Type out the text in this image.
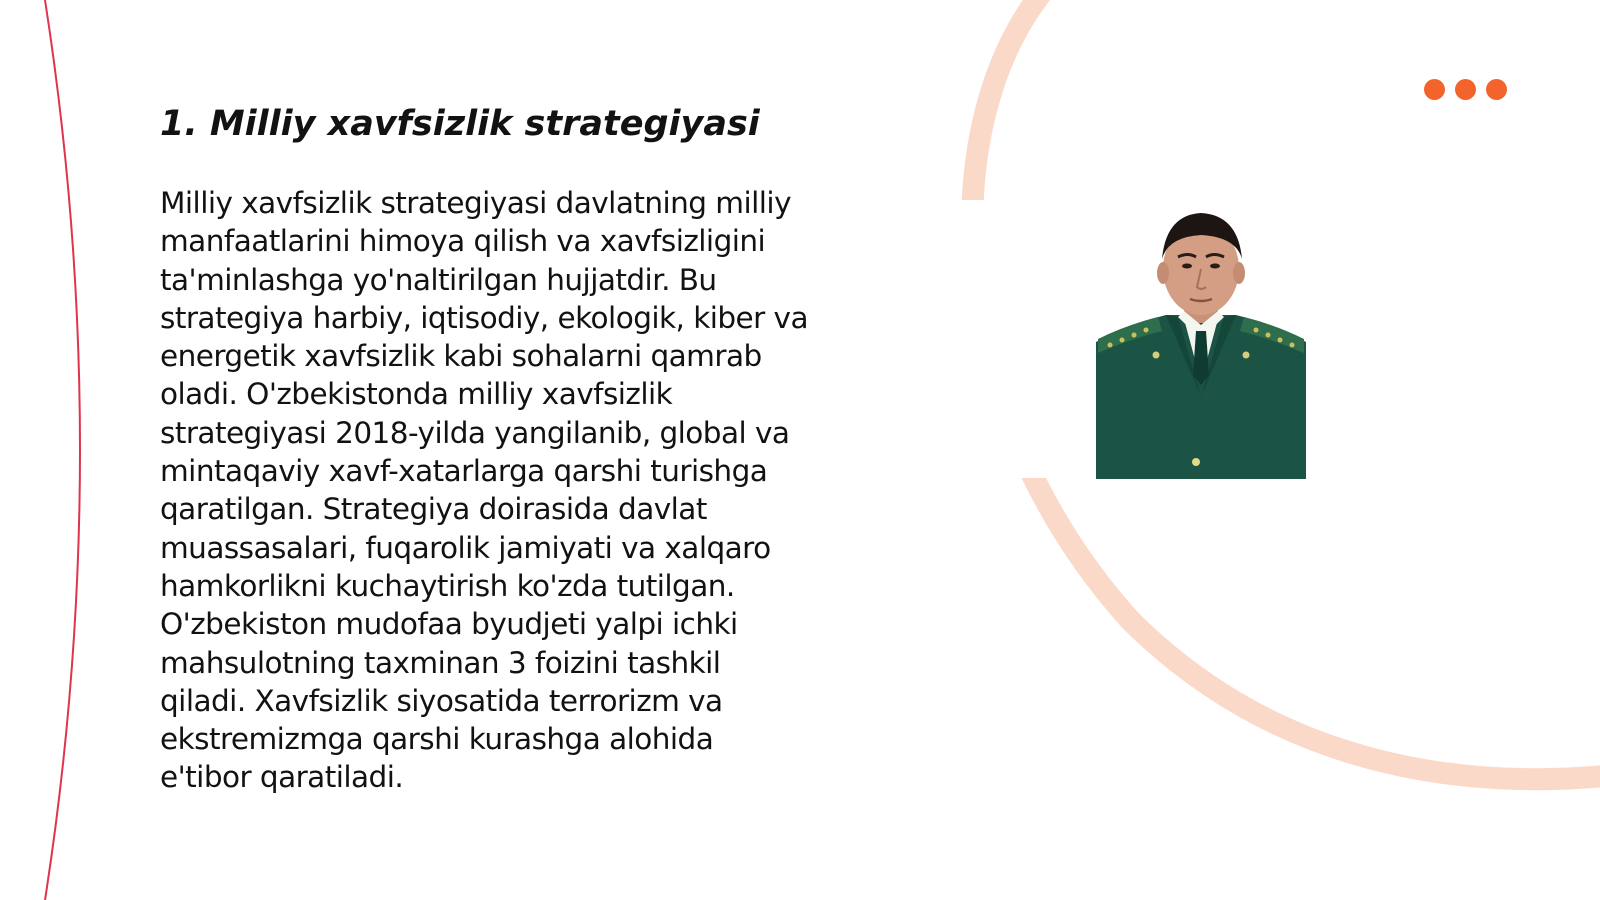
1. Milliy xavfsizlik strategiyasi

Milliy xavfsizlik strategiyasi davlatning milliy
manfaatlarini himoya qilish va xavfsizligini
ta'minlashga yo'naltirilgan hujjatdir. Bu
strategiya harbiy, iqtisodiy, ekologik, kiber va
energetik xavfsizlik kabi sohalarni qamrab
oladi. O'zbekistonda milliy xavfsizlik
strategiyasi 2018-yilda yangilanib, global va
mintaqaviy xavf-xatarlarga qarshi turishga
qaratilgan. Strategiya doirasida davlat
muassasalari, fuqarolik jamiyati va xalqaro
hamkorlikni kuchaytirish ko'zda tutilgan.
O'zbekiston mudofaa byudjeti yalpi ichki
mahsulotning taxminan 3 foizini tashkil
qiladi. Xavfsizlik siyosatida terrorizm va
ekstremizmga qarshi kurashga alohida
e'tibor qaratiladi.
